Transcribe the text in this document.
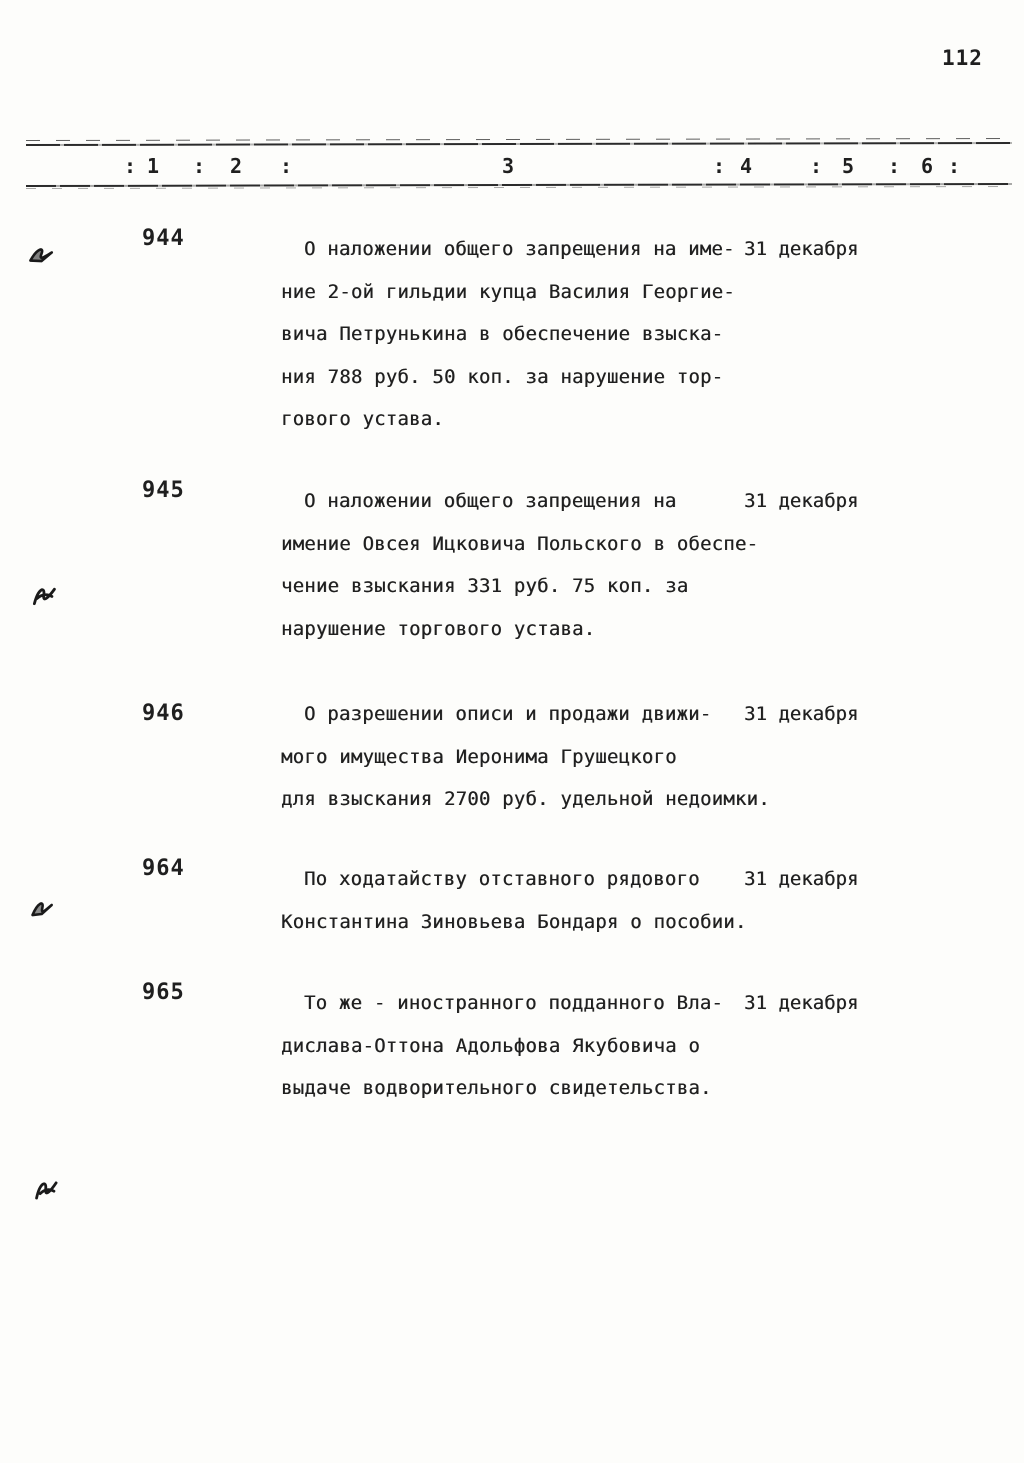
112
: 1 : 2 :	3	: 4	: 5 : 6 :
944	О наложении общего запрещения на име-

ние 2-ой гильдии купца Василия Георгие-

вича Петрунькина в обеспечение взыска-

ния 788 руб. 50 коп. за нарушение тор-

гового устава.

31 декабря
945	О наложении общего запрещения на

имение Овсея Ицковича Польского в обеспе-

чение взыскания 331 руб. 75 коп. за

нарушение торгового устава.

31 декабря
946	О разрешении описи и продажи движи-

мого имущества Иеронима Грушецкого

для взыскания 2700 руб. удельной недоимки.

31 декабря
964	По ходатайству отставного рядового

Константина Зиновьева Бондаря о пособии.

31 декабря
965	То же - иностранного подданного Вла-

дислава-Оттона Адольфова Якубовича о

выдаче водворительного свидетельства.

31 декабря
